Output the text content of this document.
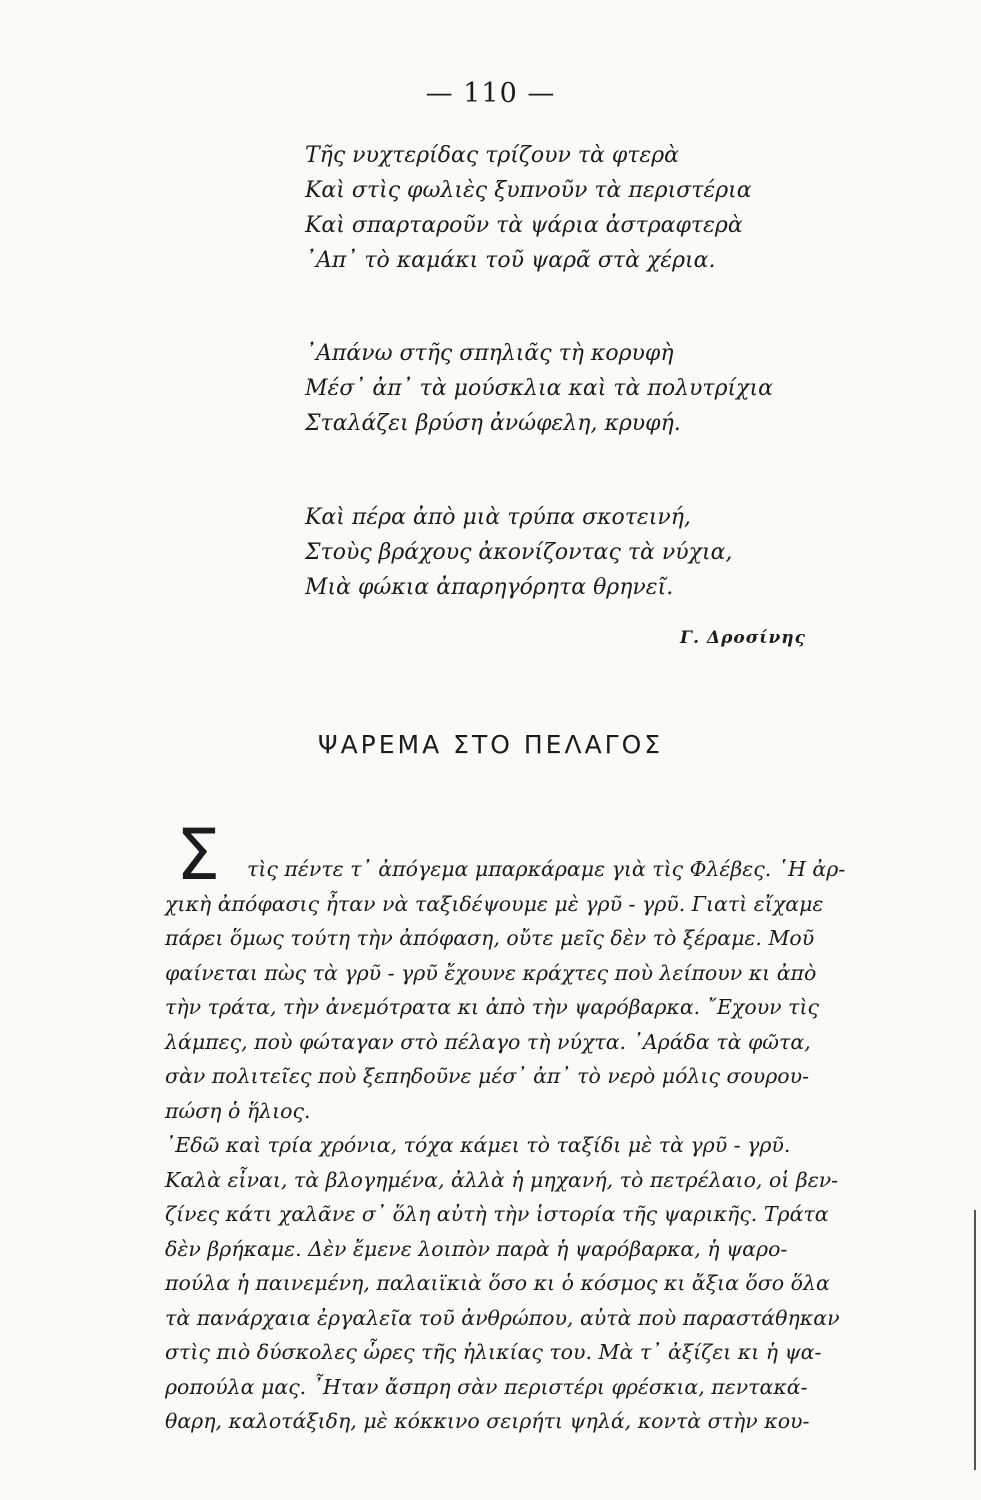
— 110 —
Τῆς νυχτερίδας τρίζουν τὰ φτερὰ
Καὶ στὶς φωλιὲς ξυπνοῦν τὰ περιστέρια
Καὶ σπαρταροῦν τὰ ψάρια ἀστραφτερὰ
᾿Απ᾿ τὸ καμάκι τοῦ ψαρᾶ στὰ χέρια.
᾿Απάνω στῆς σπηλιᾶς τὴ κορυφὴ
Μέσ᾿ ἀπ᾿ τὰ μούσκλια καὶ τὰ πολυτρίχια
Σταλάζει βρύση ἀνώφελη, κρυφή.
Καὶ πέρα ἀπὸ μιὰ τρύπα σκοτεινή,
Στοὺς βράχους ἀκονίζοντας τὰ νύχια,
Μιὰ φώκια ἀπαρηγόρητα θρηνεῖ.
Γ. Δροσίνης
ΨΑΡΕΜΑ ΣΤΟ ΠΕΛΑΓΟΣ
Σ	τὶς πέντε τ᾿ ἀπόγεμα μπαρκάραμε γιὰ τὶς Φλέβες. ῾Η ἀρ-
χικὴ ἀπόφασις ἦταν νὰ ταξιδέψουμε μὲ γρῦ - γρῦ. Γιατὶ εἴχαμε
πάρει ὅμως τούτη τὴν ἀπόφαση, οὔτε μεῖς δὲν τὸ ξέραμε. Μοῦ
φαίνεται πὼς τὰ γρῦ - γρῦ ἔχουνε κράχτες ποὺ λείπουν κι ἀπὸ
τὴν τράτα, τὴν ἀνεμότρατα κι ἀπὸ τὴν ψαρόβαρκα. ῎Εχουν τὶς
λάμπες, ποὺ φώταγαν στὸ πέλαγο τὴ νύχτα. ᾿Αράδα τὰ φῶτα,
σὰν πολιτεῖες ποὺ ξεπηδοῦνε μέσ᾿ ἀπ᾿ τὸ νερὸ μόλις σουρου-
πώση ὁ ἥλιος.
᾿Εδῶ καὶ τρία χρόνια, τόχα κάμει τὸ ταξίδι μὲ τὰ γρῦ - γρῦ.
Καλὰ εἶναι, τὰ βλογημένα, ἀλλὰ ἡ μηχανή, τὸ πετρέλαιο, οἱ βεν-
ζίνες κάτι χαλᾶνε σ᾿ ὅλη αὐτὴ τὴν ἱστορία τῆς ψαρικῆς. Τράτα
δὲν βρήκαμε. Δὲν ἔμενε λοιπὸν παρὰ ἡ ψαρόβαρκα, ἡ ψαρο-
πούλα ἡ παινεμένη, παλαιϊκιὰ ὅσο κι ὁ κόσμος κι ἄξια ὅσο ὅλα
τὰ πανάρχαια ἐργαλεῖα τοῦ ἀνθρώπου, αὐτὰ ποὺ παραστάθηκαν
στὶς πιὸ δύσκολες ὧρες τῆς ἡλικίας του. Μὰ τ᾿ ἀξίζει κι ἡ ψα-
ροπούλα μας. ῏Ηταν ἄσπρη σὰν περιστέρι φρέσκια, πεντακά-
θαρη, καλοτάξιδη, μὲ κόκκινο σειρήτι ψηλά, κοντὰ στὴν κου-
